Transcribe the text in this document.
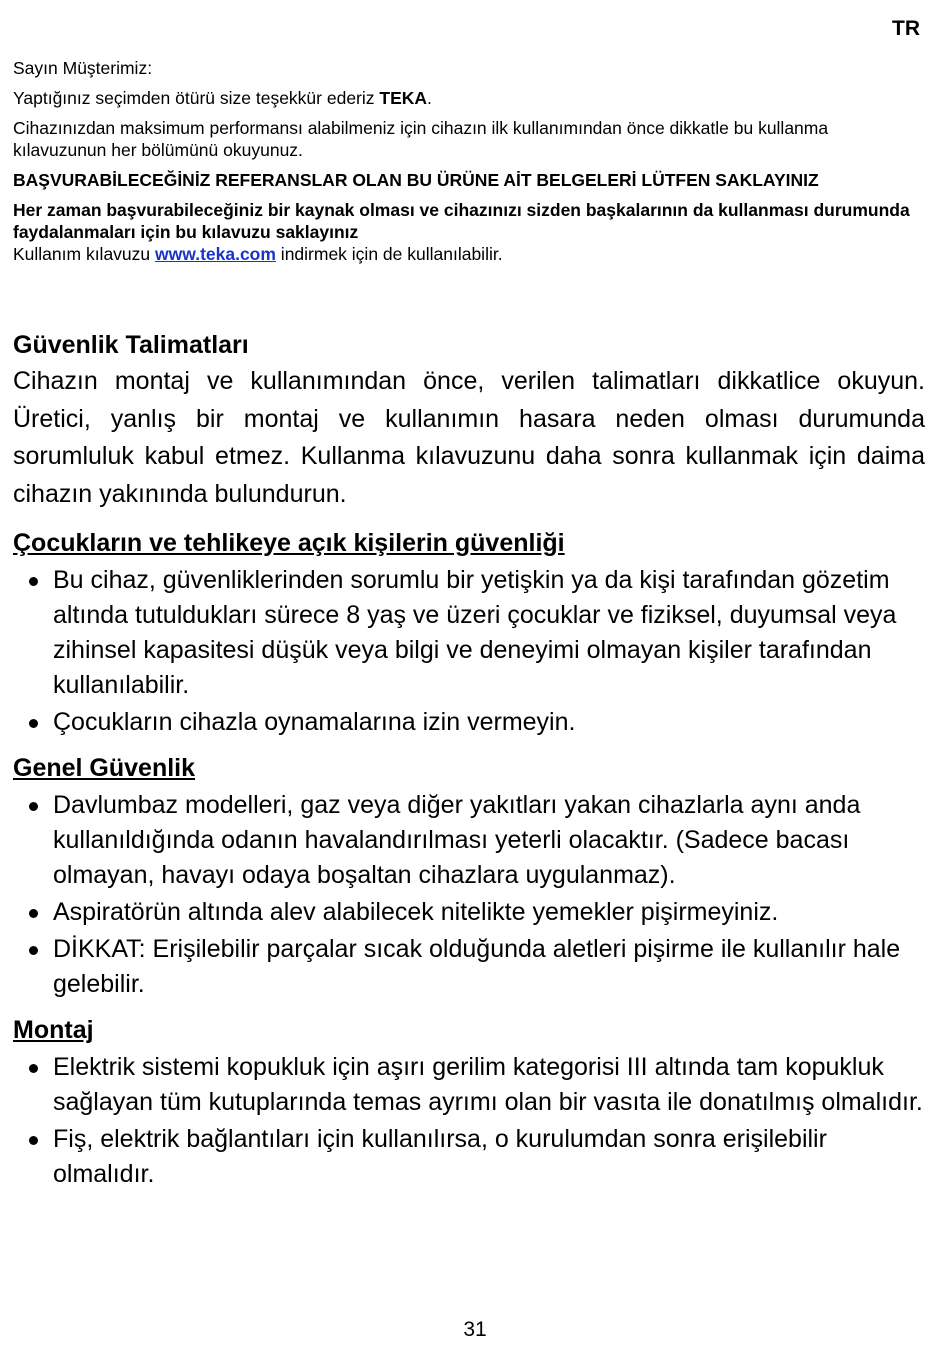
TR

Sayın Müşterimiz:

Yaptığınız seçimden ötürü size teşekkür ederiz TEKA.

Cihazınızdan maksimum performansı alabilmeniz için cihazın ilk kullanımından önce dikkatle bu kullanma kılavuzunun her bölümünü okuyunuz.

BAŞVURABİLECEĞİNİZ REFERANSLAR OLAN BU ÜRÜNE AİT BELGELERİ LÜTFEN SAKLAYINIZ

Her zaman başvurabileceğiniz bir kaynak olması ve cihazınızı sizden başkalarının da kullanması durumunda faydalanmaları için bu kılavuzu saklayınız

Kullanım kılavuzu www.teka.com indirmek için de kullanılabilir.

Güvenlik Talimatları

Cihazın montaj ve kullanımından önce, verilen talimatları dikkatlice okuyun. Üretici, yanlış bir montaj ve kullanımın hasara neden olması durumunda sorumluluk kabul etmez. Kullanma kılavuzunu daha sonra kullanmak için daima cihazın yakınında bulundurun.

Çocukların ve tehlikeye açık kişilerin güvenliği
Bu cihaz, güvenliklerinden sorumlu bir yetişkin ya da kişi tarafından gözetim altında tutuldukları sürece 8 yaş ve üzeri çocuklar ve fiziksel, duyumsal veya zihinsel kapasitesi düşük veya bilgi ve deneyimi olmayan kişiler tarafından kullanılabilir.
Çocukların cihazla oynamalarına izin vermeyin.
Genel Güvenlik
Davlumbaz modelleri, gaz veya diğer yakıtları yakan cihazlarla aynı anda kullanıldığında odanın havalandırılması yeterli olacaktır. (Sadece bacası olmayan, havayı odaya boşaltan cihazlara uygulanmaz).
Aspiratörün altında alev alabilecek nitelikte yemekler pişirmeyiniz.
DİKKAT: Erişilebilir parçalar sıcak olduğunda aletleri pişirme ile kullanılır hale gelebilir.
Montaj
Elektrik sistemi kopukluk için aşırı gerilim kategorisi III altında tam kopukluk sağlayan tüm kutuplarında temas ayrımı olan bir vasıta ile donatılmış olmalıdır.
Fiş, elektrik bağlantıları için kullanılırsa, o kurulumdan sonra erişilebilir olmalıdır.
31
